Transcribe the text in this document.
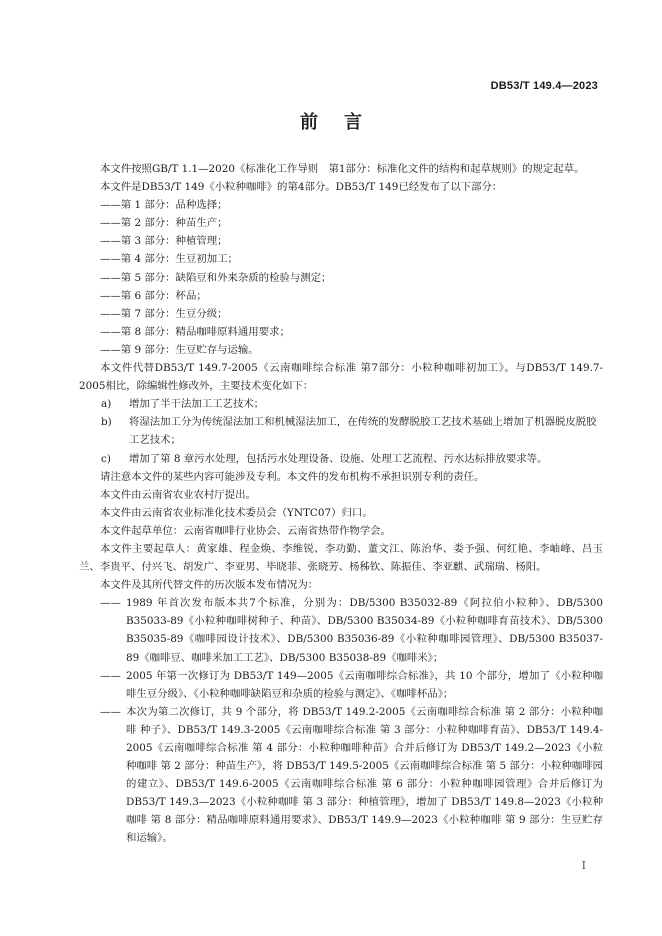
DB53/T 149.4—2023
前言

本文件按照GB/T 1.1—2020《标准化工作导则　第1部分：标准化文件的结构和起草规则》的规定起草。

本文件是DB53/T 149《小粒种咖啡》的第4部分。DB53/T 149已经发布了以下部分：

——第 1 部分：品种选择；

——第 2 部分：种苗生产；

——第 3 部分：种植管理；

——第 4 部分：生豆初加工；

——第 5 部分：缺陷豆和外来杂质的检验与测定；

——第 6 部分：杯品；

——第 7 部分：生豆分级；

——第 8 部分：精品咖啡原料通用要求；

——第 9 部分：生豆贮存与运输。

本文件代替DB53/T 149.7-2005《云南咖啡综合标准 第7部分：小粒种咖啡初加工》。与DB53/T 149.7-2005相比，除编辑性修改外，主要技术变化如下：

a) 增加了半干法加工工艺技术；
b) 将湿法加工分为传统湿法加工和机械湿法加工，在传统的发酵脱胶工艺技术基础上增加了机器脱皮脱胶工艺技术；
c) 增加了第 8 章污水处理，包括污水处理设备、设施、处理工艺流程、污水达标排放要求等。

请注意本文件的某些内容可能涉及专利。本文件的发布机构不承担识别专利的责任。

本文件由云南省农业农村厅提出。

本文件由云南省农业标准化技术委员会（YNTC07）归口。

本文件起草单位：云南省咖啡行业协会、云南省热带作物学会。

本文件主要起草人：黄家雄、程金焕、李维锐、李功勤、董文江、陈治华、娄予强、何红艳、李岫峰、吕玉兰、李贵平、付兴飞、胡发广、李亚男、毕晓菲、张晓芳、杨秭钦、陈振佳、李亚麒、武瑞瑞、杨阳。

本文件及其所代替文件的历次版本发布情况为：

—— 1989 年首次发布版本共7个标准，分别为：DB/5300 B35032-89《阿拉伯小粒种》、DB/5300 B35033-89《小粒种咖啡树种子、种苗》、DB/5300 B35034-89《小粒种咖啡育苗技术》、DB/5300 B35035-89《咖啡园设计技术》、DB/5300 B35036-89《小粒种咖啡园管理》、DB/5300 B35037-89《咖啡豆、咖啡米加工工艺》、DB/5300 B35038-89《咖啡米》；
—— 2005 年第一次修订为 DB53/T 149—2005《云南咖啡综合标准》，共 10 个部分，增加了《小粒种咖啡生豆分级》、《小粒种咖啡缺陷豆和杂质的检验与测定》、《咖啡杯品》；
—— 本次为第二次修订，共 9 个部分，将 DB53/T 149.2-2005《云南咖啡综合标准 第 2 部分：小粒种咖啡 种子》、DB53/T 149.3-2005《云南咖啡综合标准 第 3 部分：小粒种咖啡育苗》、DB53/T 149.4-2005《云南咖啡综合标准 第 4 部分：小粒种咖啡种苗》合并后修订为 DB53/T 149.2—2023《小粒种咖啡 第 2 部分：种苗生产》，将 DB53/T 149.5-2005《云南咖啡综合标准 第 5 部分：小粒种咖啡园的建立》、DB53/T 149.6-2005《云南咖啡综合标准 第 6 部分：小粒种咖啡园管理》合并后修订为 DB53/T 149.3—2023《小粒种咖啡 第 3 部分：种植管理》，增加了 DB53/T 149.8—2023《小粒种咖啡 第 8 部分：精品咖啡原料通用要求》、DB53/T 149.9—2023《小粒种咖啡 第 9 部分：生豆贮存和运输》。
I
